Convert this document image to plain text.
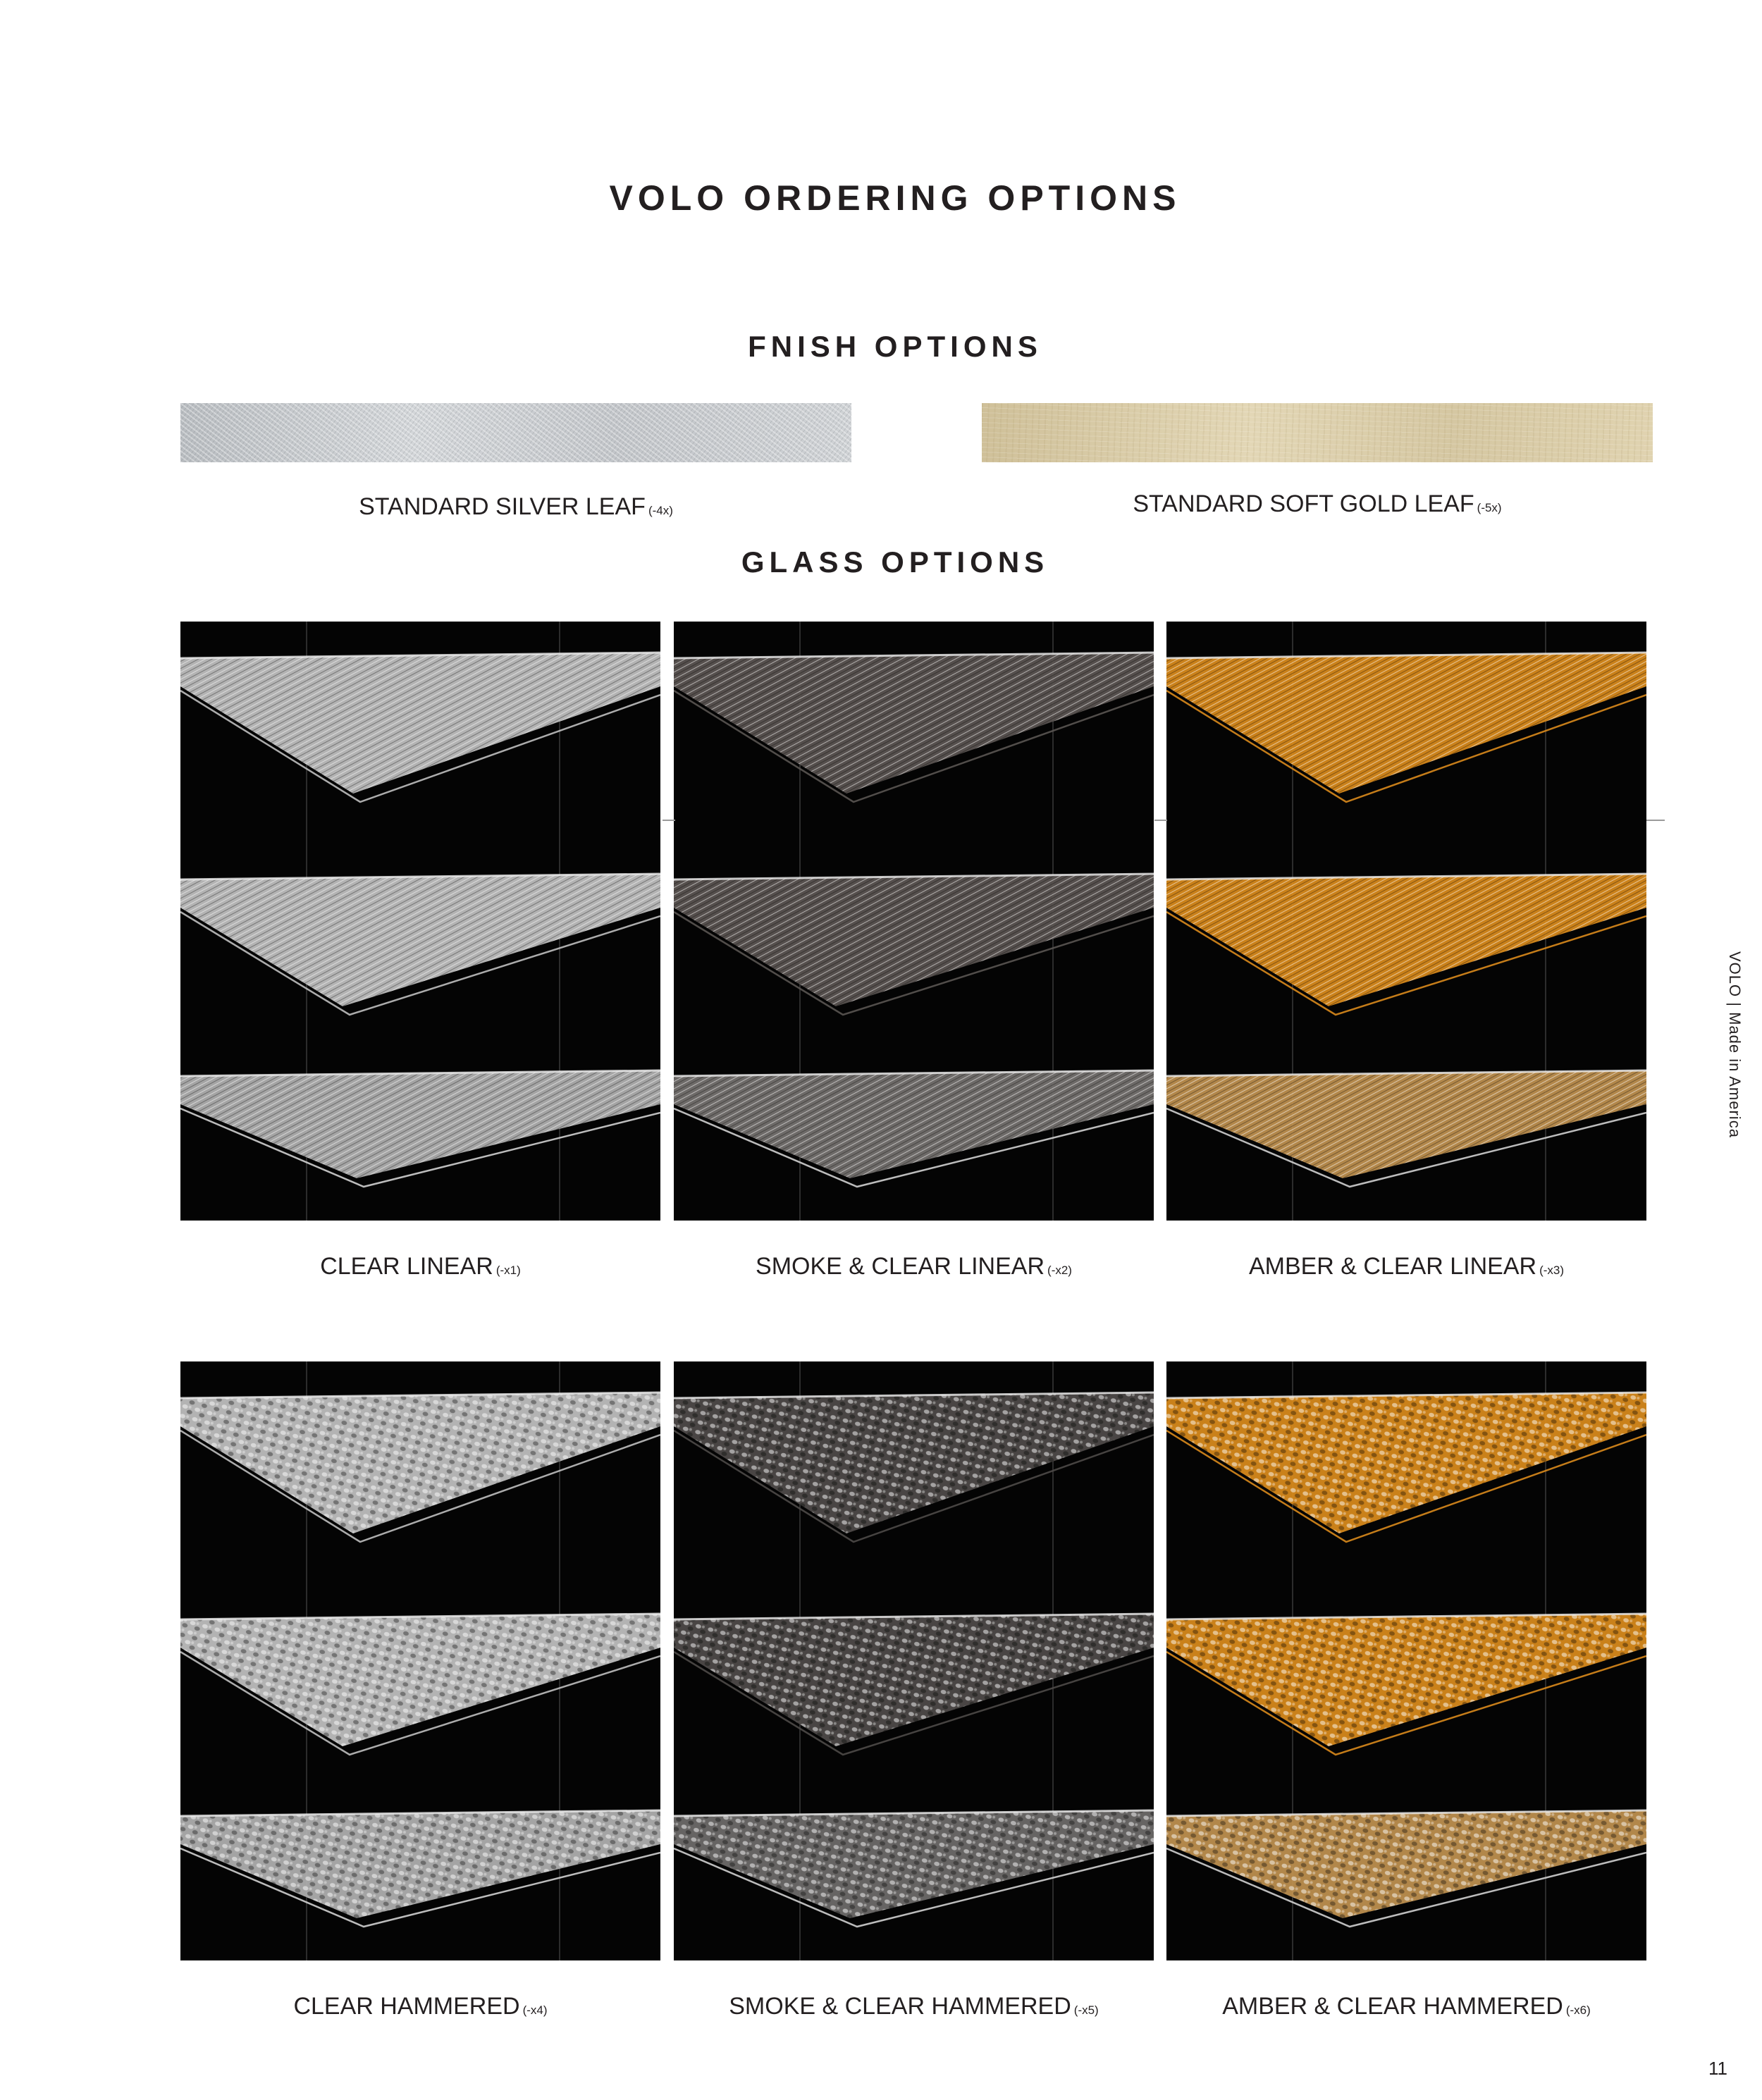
VOLO ORDERING OPTIONS
FNISH OPTIONS
STANDARD SILVER LEAF (-4x)	STANDARD SOFT GOLD LEAF (-5x)
GLASS OPTIONS
CLEAR LINEAR (-x1)	SMOKE & CLEAR LINEAR (-x2)	AMBER & CLEAR LINEAR (-x3)
CLEAR HAMMERED (-x4)	SMOKE & CLEAR HAMMERED (-x5)	AMBER & CLEAR HAMMERED (-x6)
VOLO | Made in America
11
